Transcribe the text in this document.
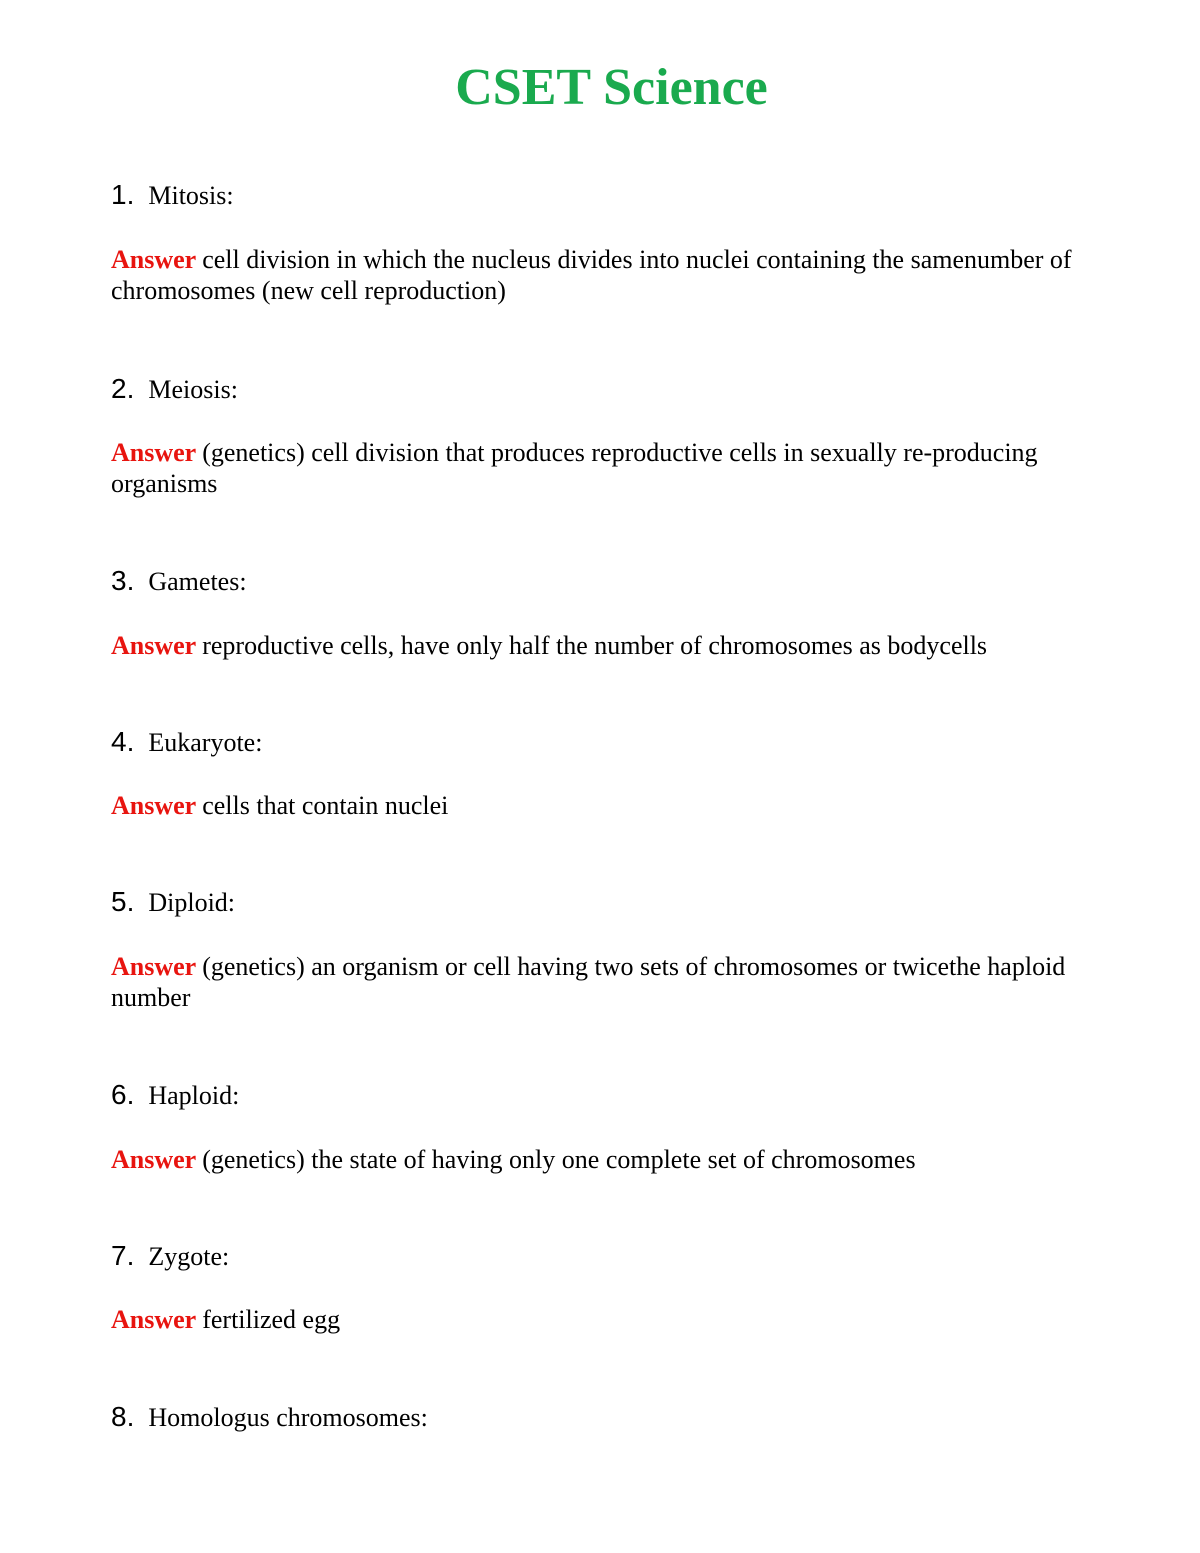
CSET Science
1. Mitosis:
Answer cell division in which the nucleus divides into nuclei containing the samenumber of chromosomes (new cell reproduction)
2. Meiosis:
Answer (genetics) cell division that produces reproductive cells in sexually re-producing organisms
3. Gametes:
Answer reproductive cells, have only half the number of chromosomes as bodycells
4. Eukaryote:
Answer cells that contain nuclei
5. Diploid:
Answer (genetics) an organism or cell having two sets of chromosomes or twicethe haploid number
6. Haploid:
Answer (genetics) the state of having only one complete set of chromosomes
7. Zygote:
Answer fertilized egg
8. Homologus chromosomes:
